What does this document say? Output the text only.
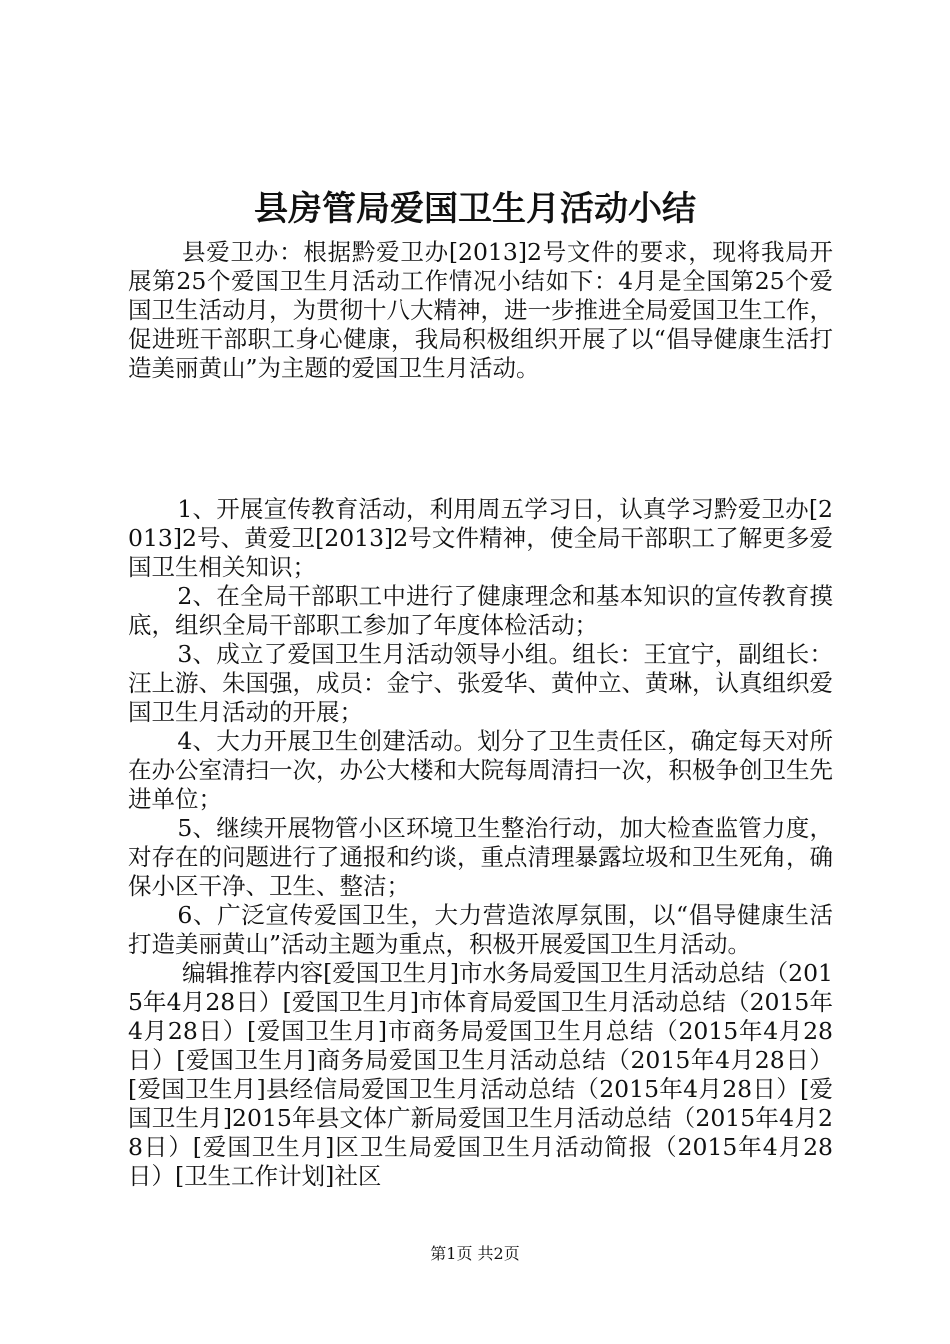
县房管局爱国卫生月活动小结

县爱卫办：根据黔爱卫办[2013]2号文件的要求，现将我局开展第25个爱国卫生月活动工作情况小结如下：4月是全国第25个爱国卫生活动月，为贯彻十八大精神，进一步推进全局爱国卫生工作，促进班干部职工身心健康，我局积极组织开展了以“倡导健康生活打造美丽黄山”为主题的爱国卫生月活动。

1、开展宣传教育活动，利用周五学习日，认真学习黔爱卫办[2013]2号、黄爱卫[2013]2号文件精神，使全局干部职工了解更多爱国卫生相关知识；

2、在全局干部职工中进行了健康理念和基本知识的宣传教育摸底，组织全局干部职工参加了年度体检活动；

3、成立了爱国卫生月活动领导小组。组长：王宜宁，副组长：汪上游、朱国强，成员：金宁、张爱华、黄仲立、黄琳，认真组织爱国卫生月活动的开展；

4、大力开展卫生创建活动。划分了卫生责任区，确定每天对所在办公室清扫一次，办公大楼和大院每周清扫一次，积极争创卫生先进单位；

5、继续开展物管小区环境卫生整治行动，加大检查监管力度，对存在的问题进行了通报和约谈，重点清理暴露垃圾和卫生死角，确保小区干净、卫生、整洁；

6、广泛宣传爱国卫生，大力营造浓厚氛围，以“倡导健康生活打造美丽黄山”活动主题为重点，积极开展爱国卫生月活动。

编辑推荐内容[爱国卫生月]市水务局爱国卫生月活动总结（2015年4月28日）[爱国卫生月]市体育局爱国卫生月活动总结（2015年4月28日）[爱国卫生月]市商务局爱国卫生月总结（2015年4月28日）[爱国卫生月]商务局爱国卫生月活动总结（2015年4月28日）[爱国卫生月]县经信局爱国卫生月活动总结（2015年4月28日）[爱国卫生月]2015年县文体广新局爱国卫生月活动总结（2015年4月28日）[爱国卫生月]区卫生局爱国卫生月活动简报（2015年4月28日）[卫生工作计划]社区

第1页 共2页
